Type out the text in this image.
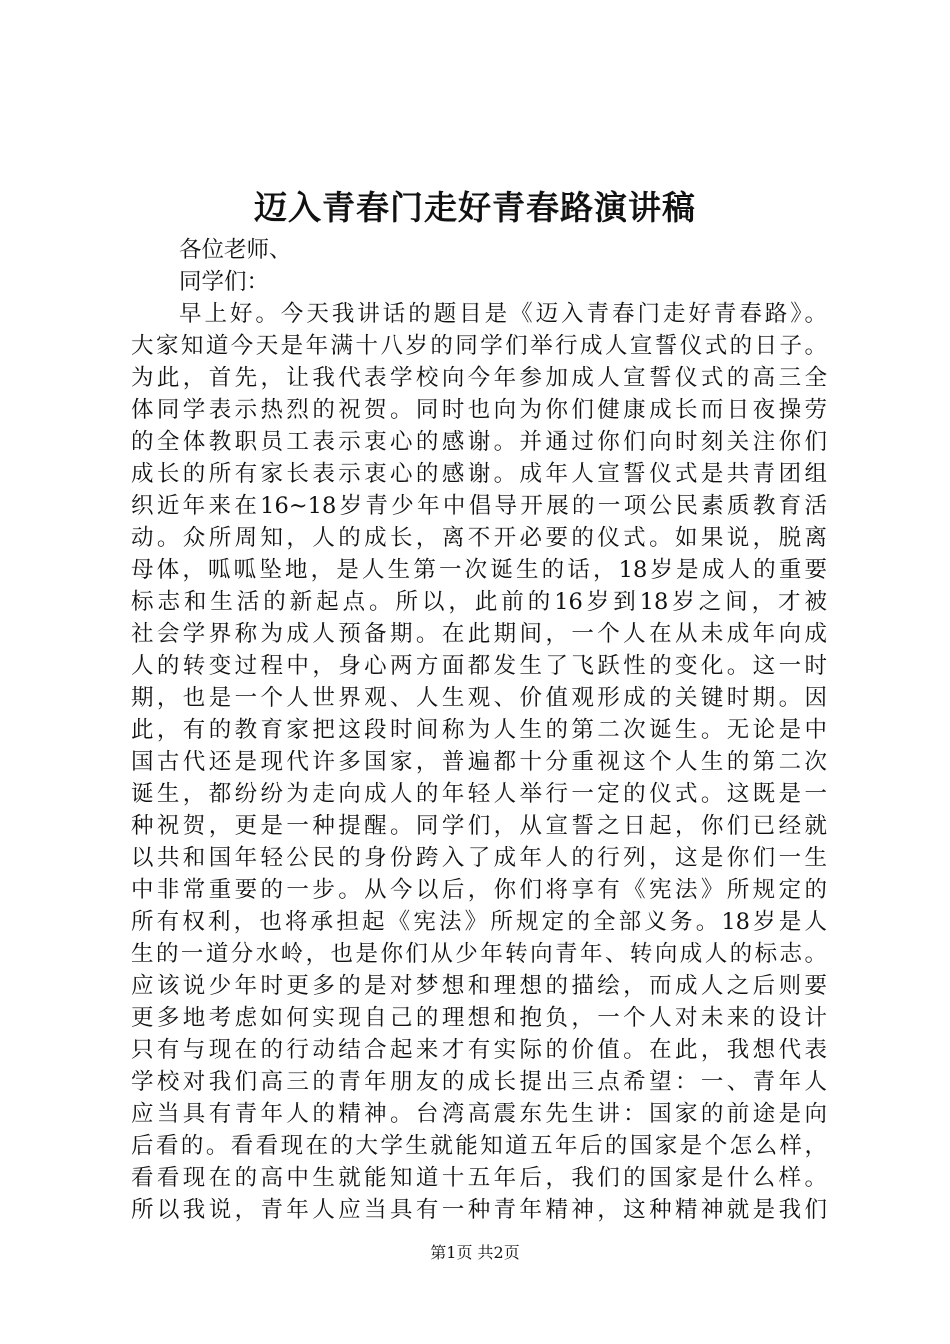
迈入青春门走好青春路演讲稿
各位老师、
同学们：
早上好。今天我讲话的题目是《迈入青春门走好青春路》。
大家知道今天是年满十八岁的同学们举行成人宣誓仪式的日子。
为此，首先，让我代表学校向今年参加成人宣誓仪式的高三全
体同学表示热烈的祝贺。同时也向为你们健康成长而日夜操劳
的全体教职员工表示衷心的感谢。并通过你们向时刻关注你们
成长的所有家长表示衷心的感谢。成年人宣誓仪式是共青团组
织近年来在16~18岁青少年中倡导开展的一项公民素质教育活
动。众所周知，人的成长，离不开必要的仪式。如果说，脱离
母体，呱呱坠地，是人生第一次诞生的话，18岁是成人的重要
标志和生活的新起点。所以，此前的16岁到18岁之间，才被
社会学界称为成人预备期。在此期间，一个人在从未成年向成
人的转变过程中，身心两方面都发生了飞跃性的变化。这一时
期，也是一个人世界观、人生观、价值观形成的关键时期。因
此，有的教育家把这段时间称为人生的第二次诞生。无论是中
国古代还是现代许多国家，普遍都十分重视这个人生的第二次
诞生，都纷纷为走向成人的年轻人举行一定的仪式。这既是一
种祝贺，更是一种提醒。同学们，从宣誓之日起，你们已经就
以共和国年轻公民的身份跨入了成年人的行列，这是你们一生
中非常重要的一步。从今以后，你们将享有《宪法》所规定的
所有权利，也将承担起《宪法》所规定的全部义务。18岁是人
生的一道分水岭，也是你们从少年转向青年、转向成人的标志。
应该说少年时更多的是对梦想和理想的描绘，而成人之后则要
更多地考虑如何实现自己的理想和抱负，一个人对未来的设计
只有与现在的行动结合起来才有实际的价值。在此，我想代表
学校对我们高三的青年朋友的成长提出三点希望：一、青年人
应当具有青年人的精神。台湾高震东先生讲：国家的前途是向
后看的。看看现在的大学生就能知道五年后的国家是个怎么样，
看看现在的高中生就能知道十五年后，我们的国家是什么样。
所以我说，青年人应当具有一种青年精神，这种精神就是我们
第1页 共2页
